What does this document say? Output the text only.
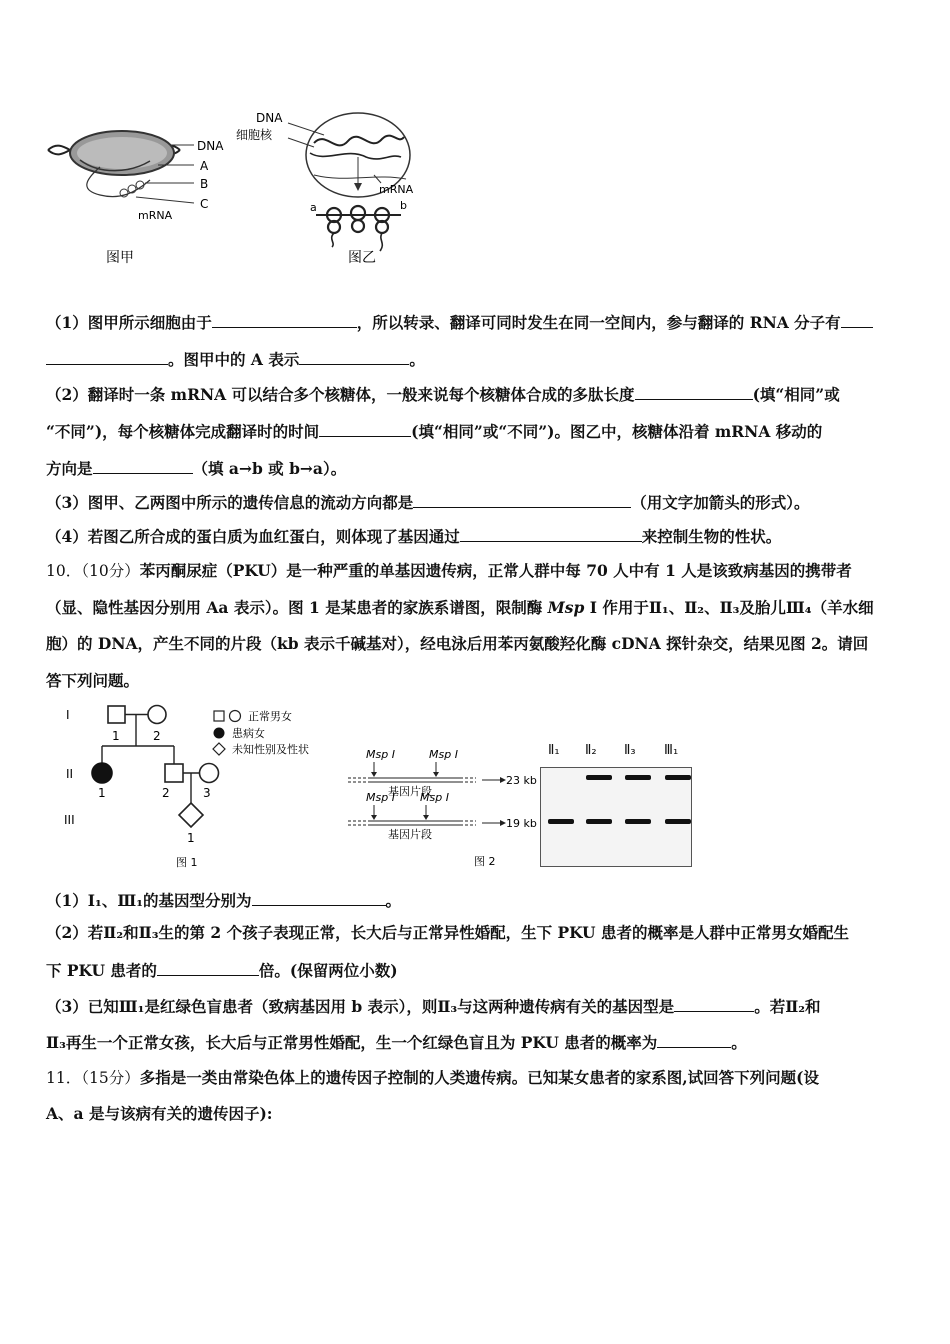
DNA
A
B
C
mRNA
图甲
DNA
细胞核
mRNA
a	b
图乙
（1）图甲所示细胞由于	，所以转录、翻译可同时发生在同一空间内，参与翻译的 RNA 分子有
。图甲中的 A 表示	。
（2）翻译时一条 mRNA 可以结合多个核糖体，一般来说每个核糖体合成的多肽长度	(填“相同”或
“不同”)，每个核糖体完成翻译时的时间	(填“相同”或“不同”)。图乙中，核糖体沿着 mRNA 移动的
方向是	（填 a→b 或 b→a）。
（3）图甲、乙两图中所示的遗传信息的流动方向都是	（用文字加箭头的形式）。
（4）若图乙所合成的蛋白质为血红蛋白，则体现了基因通过	来控制生物的性状。
10．（10分）苯丙酮尿症（PKU）是一种严重的单基因遗传病，正常人群中每 70 人中有 1 人是该致病基因的携带者
（显、隐性基因分别用 Aa 表示）。图 1 是某患者的家族系谱图，限制酶 Msp I 作用于Ⅱ₁、Ⅱ₂、Ⅱ₃及胎儿Ⅲ₄（羊水细
胞）的 DNA，产生不同的片段（kb 表示千碱基对），经电泳后用苯丙氨酸羟化酶 cDNA 探针杂交，结果见图 2。请回
答下列问题。
I
II
III
1	2
1	2	3
1
正常男女
患病女
未知性别及性状
图 1
Msp I	Msp I
基因片段
23 kb
Msp I Msp I
基因片段
19 kb
图 2
Ⅱ₁ Ⅱ₂ Ⅱ₃ Ⅲ₁
（1）I₁、Ⅲ₁的基因型分别为	。
（2）若Ⅱ₂和Ⅱ₃生的第 2 个孩子表现正常，长大后与正常异性婚配，生下 PKU 患者的概率是人群中正常男女婚配生
下 PKU 患者的	倍。(保留两位小数)
（3）已知Ⅲ₁是红绿色盲患者（致病基因用 b 表示），则Ⅱ₃与这两种遗传病有关的基因型是	。若Ⅱ₂和
Ⅱ₃再生一个正常女孩，长大后与正常男性婚配，生一个红绿色盲且为 PKU 患者的概率为	。
11．（15分）多指是一类由常染色体上的遗传因子控制的人类遗传病。已知某女患者的家系图,试回答下列问题(设
A、a 是与该病有关的遗传因子):
